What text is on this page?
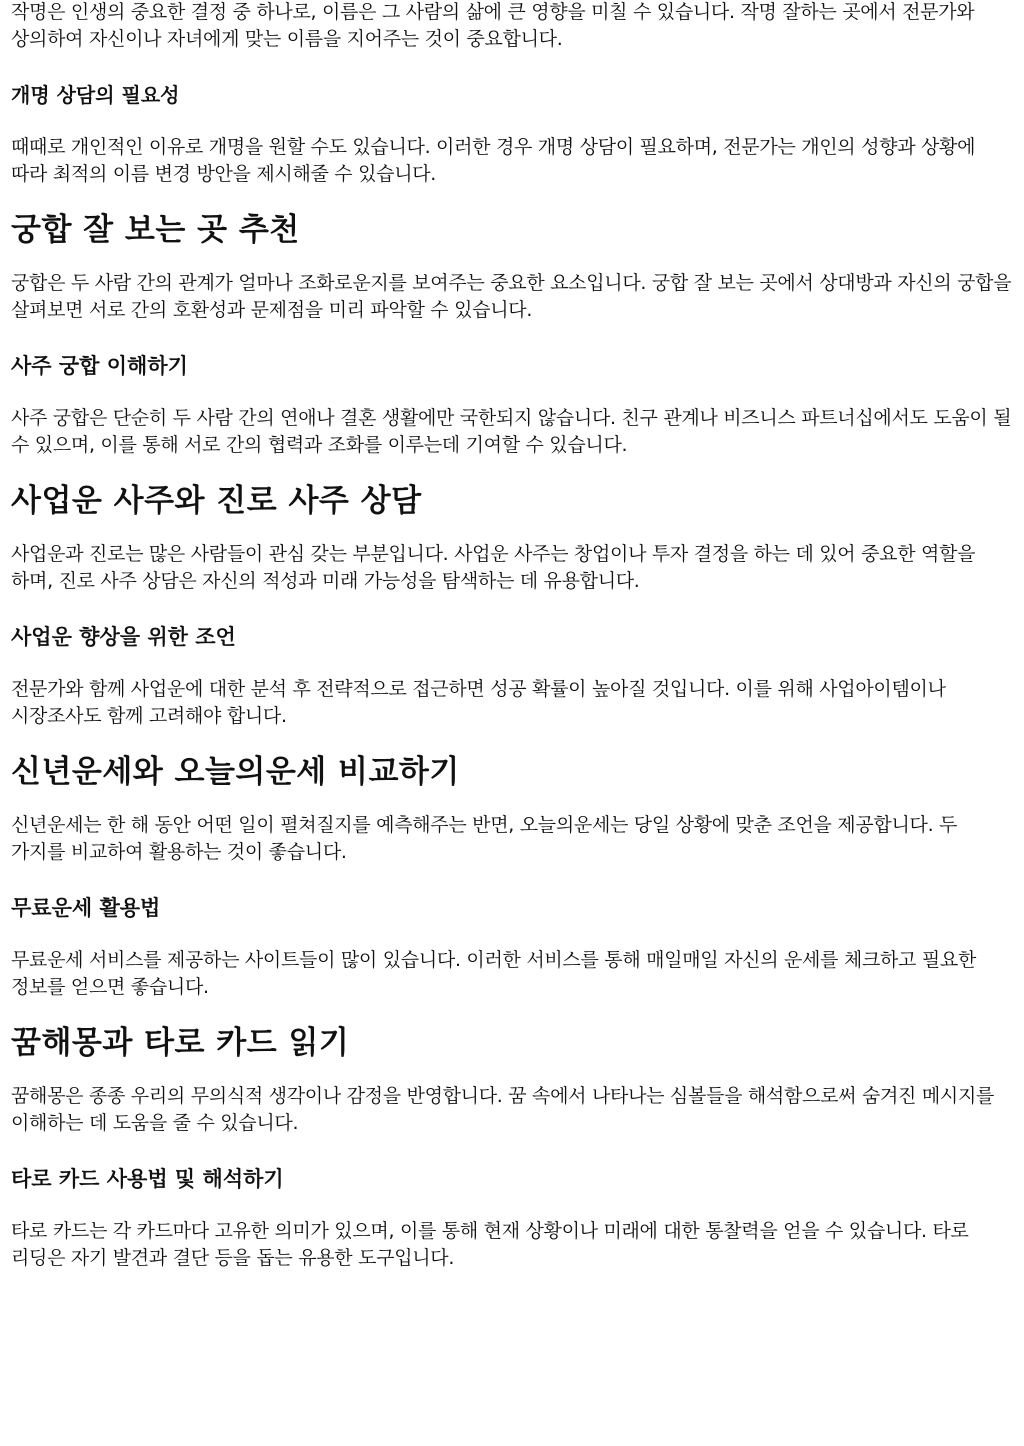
작명은 인생의 중요한 결정 중 하나로, 이름은 그 사람의 삶에 큰 영향을 미칠 수 있습니다. 작명 잘하는 곳에서 전문가와 상의하여 자신이나 자녀에게 맞는 이름을 지어주는 것이 중요합니다.

개명 상담의 필요성

때때로 개인적인 이유로 개명을 원할 수도 있습니다. 이러한 경우 개명 상담이 필요하며, 전문가는 개인의 성향과 상황에 따라 최적의 이름 변경 방안을 제시해줄 수 있습니다.

궁합 잘 보는 곳 추천

궁합은 두 사람 간의 관계가 얼마나 조화로운지를 보여주는 중요한 요소입니다. 궁합 잘 보는 곳에서 상대방과 자신의 궁합을 살펴보면 서로 간의 호환성과 문제점을 미리 파악할 수 있습니다.

사주 궁합 이해하기

사주 궁합은 단순히 두 사람 간의 연애나 결혼 생활에만 국한되지 않습니다. 친구 관계나 비즈니스 파트너십에서도 도움이 될 수 있으며, 이를 통해 서로 간의 협력과 조화를 이루는데 기여할 수 있습니다.

사업운 사주와 진로 사주 상담

사업운과 진로는 많은 사람들이 관심 갖는 부분입니다. 사업운 사주는 창업이나 투자 결정을 하는 데 있어 중요한 역할을 하며, 진로 사주 상담은 자신의 적성과 미래 가능성을 탐색하는 데 유용합니다.

사업운 향상을 위한 조언

전문가와 함께 사업운에 대한 분석 후 전략적으로 접근하면 성공 확률이 높아질 것입니다. 이를 위해 사업아이템이나 시장조사도 함께 고려해야 합니다.

신년운세와 오늘의운세 비교하기

신년운세는 한 해 동안 어떤 일이 펼쳐질지를 예측해주는 반면, 오늘의운세는 당일 상황에 맞춘 조언을 제공합니다. 두 가지를 비교하여 활용하는 것이 좋습니다.

무료운세 활용법

무료운세 서비스를 제공하는 사이트들이 많이 있습니다. 이러한 서비스를 통해 매일매일 자신의 운세를 체크하고 필요한 정보를 얻으면 좋습니다.

꿈해몽과 타로 카드 읽기

꿈해몽은 종종 우리의 무의식적 생각이나 감정을 반영합니다. 꿈 속에서 나타나는 심볼들을 해석함으로써 숨겨진 메시지를 이해하는 데 도움을 줄 수 있습니다.

타로 카드 사용법 및 해석하기

타로 카드는 각 카드마다 고유한 의미가 있으며, 이를 통해 현재 상황이나 미래에 대한 통찰력을 얻을 수 있습니다. 타로 리딩은 자기 발견과 결단 등을 돕는 유용한 도구입니다.
